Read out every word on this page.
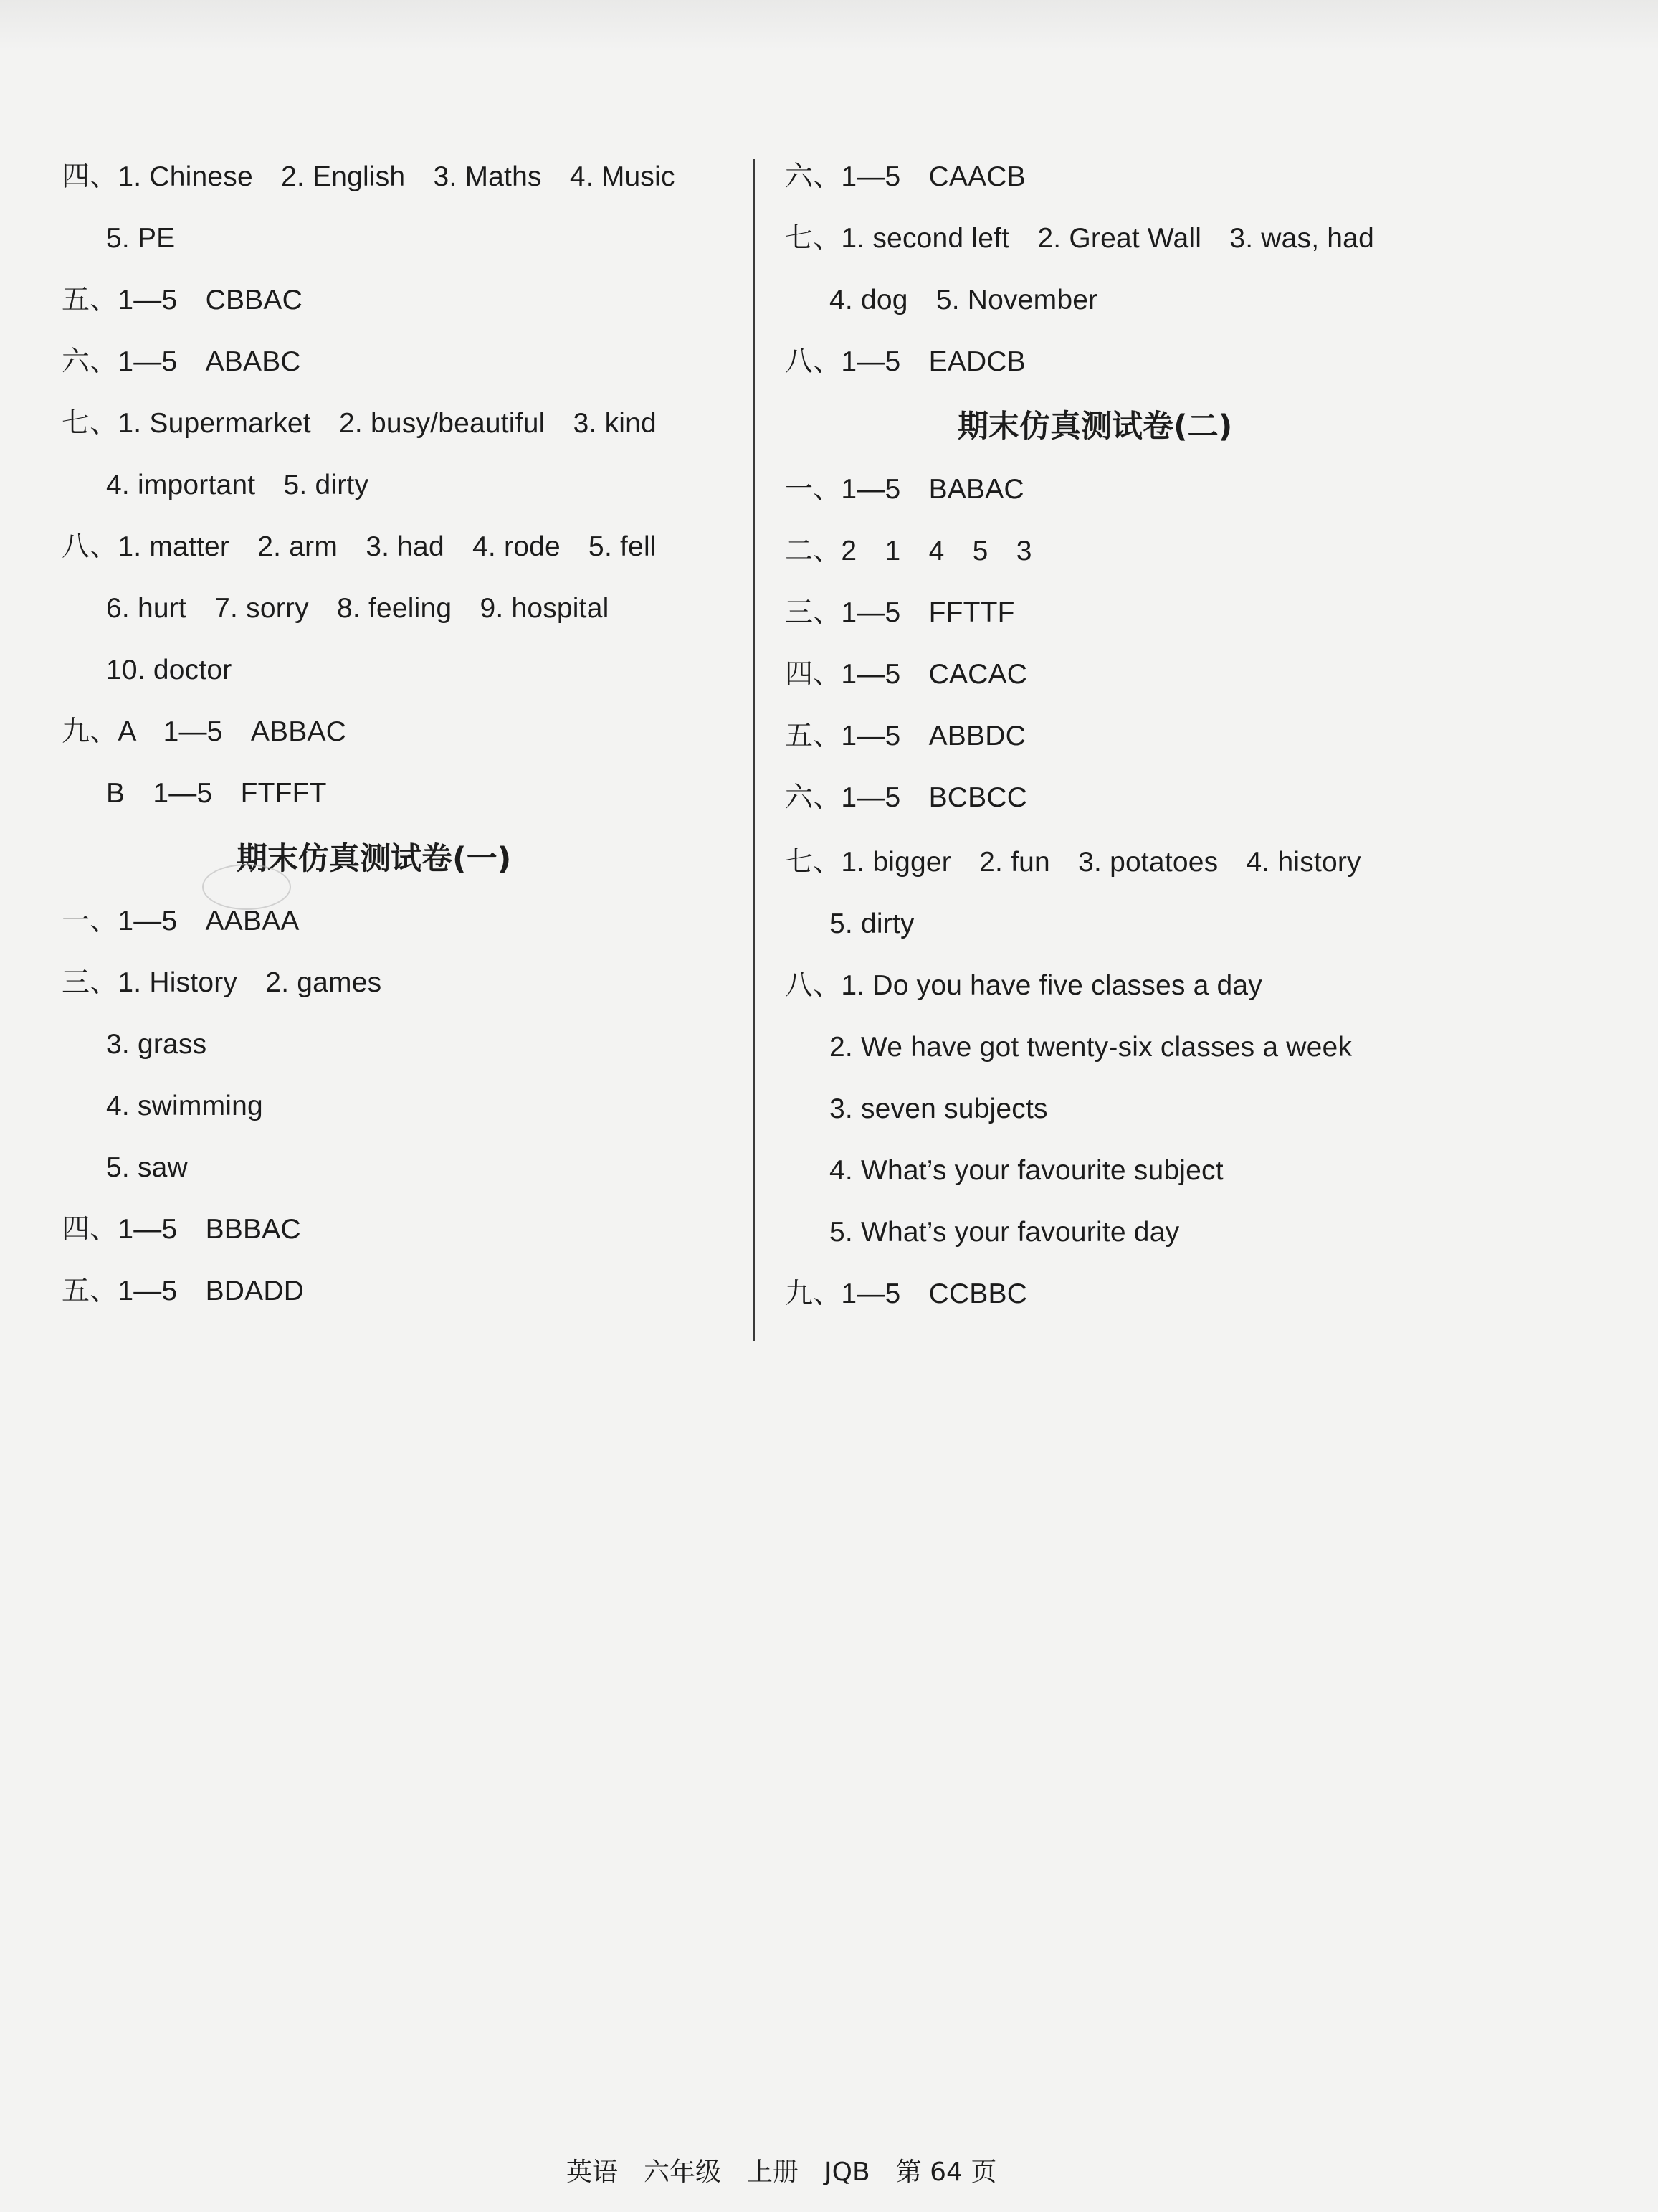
四、1. Chinese　2. English　3. Maths　4. Music
5. PE
五、1—5　CBBAC
六、1—5　ABABC
七、1. Supermarket　2. busy/beautiful　3. kind
4. important　5. dirty
八、1. matter　2. arm　3. had　4. rode　5. fell
6. hurt　7. sorry　8. feeling　9. hospital
10. doctor
九、A　1—5　ABBAC
B　1—5　FTFFT
期末仿真测试卷(一)
一、1—5　AABAA
三、1. History　2. games
3. grass
4. swimming
5. saw
四、1—5　BBBAC
五、1—5　BDADD
六、1—5　CAACB
七、1. second left　2. Great Wall　3. was, had
4. dog　5. November
八、1—5　EADCB
期末仿真测试卷(二)
一、1—5　BABAC
二、2　1　4　5　3
三、1—5　FFTTF
四、1—5　CACAC
五、1—5　ABBDC
六、1—5　BCBCC
七、1. bigger　2. fun　3. potatoes　4. history
5. dirty
八、1. Do you have five classes a day
2. We have got twenty-six classes a week
3. seven subjects
4. What’s your favourite subject
5. What’s your favourite day
九、1—5　CCBBC
英语　六年级　上册　JQB　第 64 页
